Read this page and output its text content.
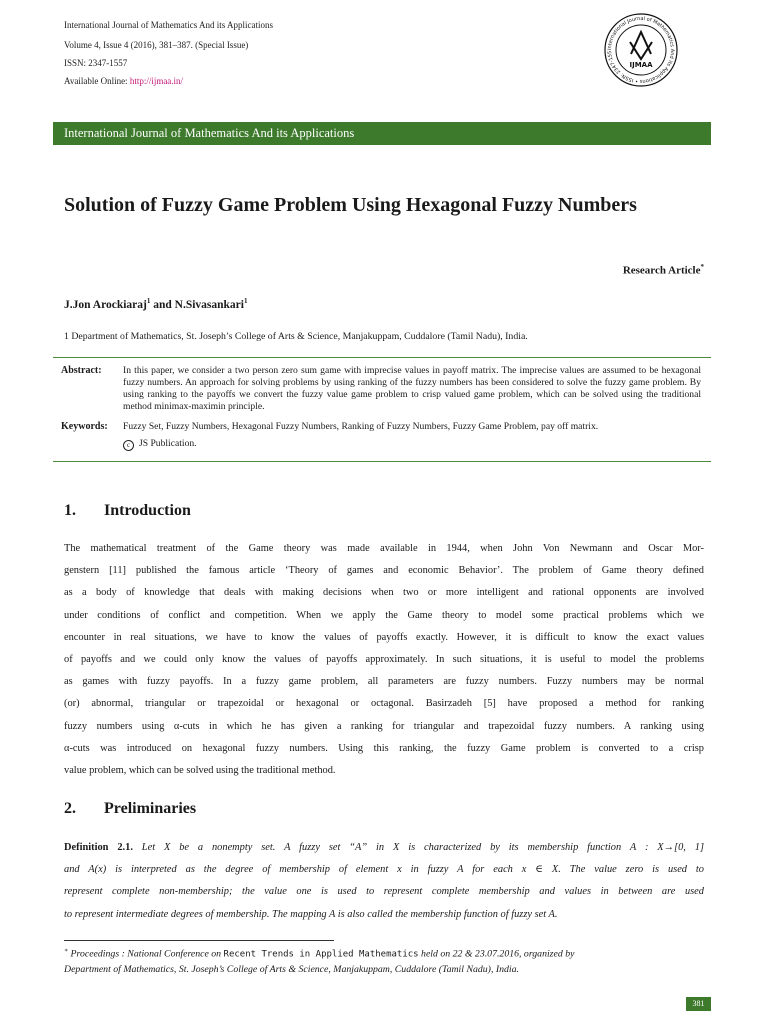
International Journal of Mathematics And its Applications
Volume 4, Issue 4 (2016), 381–387. (Special Issue)
ISSN: 2347-1557
Available Online: http://ijmaa.in/
International Journal of Mathematics And its Applications • ISSN: 2347-155
IJMAA
International Journal of Mathematics And its Applications
Solution of Fuzzy Game Problem Using Hexagonal Fuzzy Numbers
Research Article*
J.Jon Arockiaraj$^1$ and N.Sivasankari$^1$
1 Department of Mathematics, St. Joseph’s College of Arts & Science, Manjakuppam, Cuddalore (Tamil Nadu), India.
Abstract: In this paper, we consider a two person zero sum game with imprecise values in payoff matrix. The imprecise values are assumed to be hexagonal fuzzy numbers. An approach for solving problems by using ranking of the fuzzy numbers has been considered to solve the fuzzy game problem. By using ranking to the payoffs we convert the fuzzy value game problem to crisp valued game problem, which can be solved using the traditional method minimax-maximin principle.
Keywords: Fuzzy Set, Fuzzy Numbers, Hexagonal Fuzzy Numbers, Ranking of Fuzzy Numbers, Fuzzy Game Problem, pay off matrix.
c JS Publication.
1. Introduction
The mathematical treatment of the Game theory was made available in 1944, when John Von Newmann and Oscar Mor-
genstern [11] published the famous article ‘Theory of games and economic Behavior’. The problem of Game theory defined
as a body of knowledge that deals with making decisions when two or more intelligent and rational opponents are involved
under conditions of conflict and competition. When we apply the Game theory to model some practical problems which we
encounter in real situations, we have to know the values of payoffs exactly. However, it is difficult to know the exact values
of payoffs and we could only know the values of payoffs approximately. In such situations, it is useful to model the problems
as games with fuzzy payoffs. In a fuzzy game problem, all parameters are fuzzy numbers. Fuzzy numbers may be normal
(or) abnormal, triangular or trapezoidal or hexagonal or octagonal. Basirzadeh [5] have proposed a method for ranking
fuzzy numbers using α-cuts in which he has given a ranking for triangular and trapezoidal fuzzy numbers. A ranking using
α-cuts was introduced on hexagonal fuzzy numbers. Using this ranking, the fuzzy Game problem is converted to a crisp
value problem, which can be solved using the traditional method.
2. Preliminaries
Definition 2.1. Let X be a nonempty set. A fuzzy set “A” in X is characterized by its membership function A : X→[0, 1]
and A(x) is interpreted as the degree of membership of element x in fuzzy A for each x ∈ X. The value zero is used to
represent complete non-membership; the value one is used to represent complete membership and values in between are used
to represent intermediate degrees of membership. The mapping A is also called the membership function of fuzzy set A.
∗ Proceedings : National Conference on Recent Trends in Applied Mathematics held on 22 & 23.07.2016, organized by
Department of Mathematics, St. Joseph’s College of Arts & Science, Manjakuppam, Cuddalore (Tamil Nadu), India.
381
